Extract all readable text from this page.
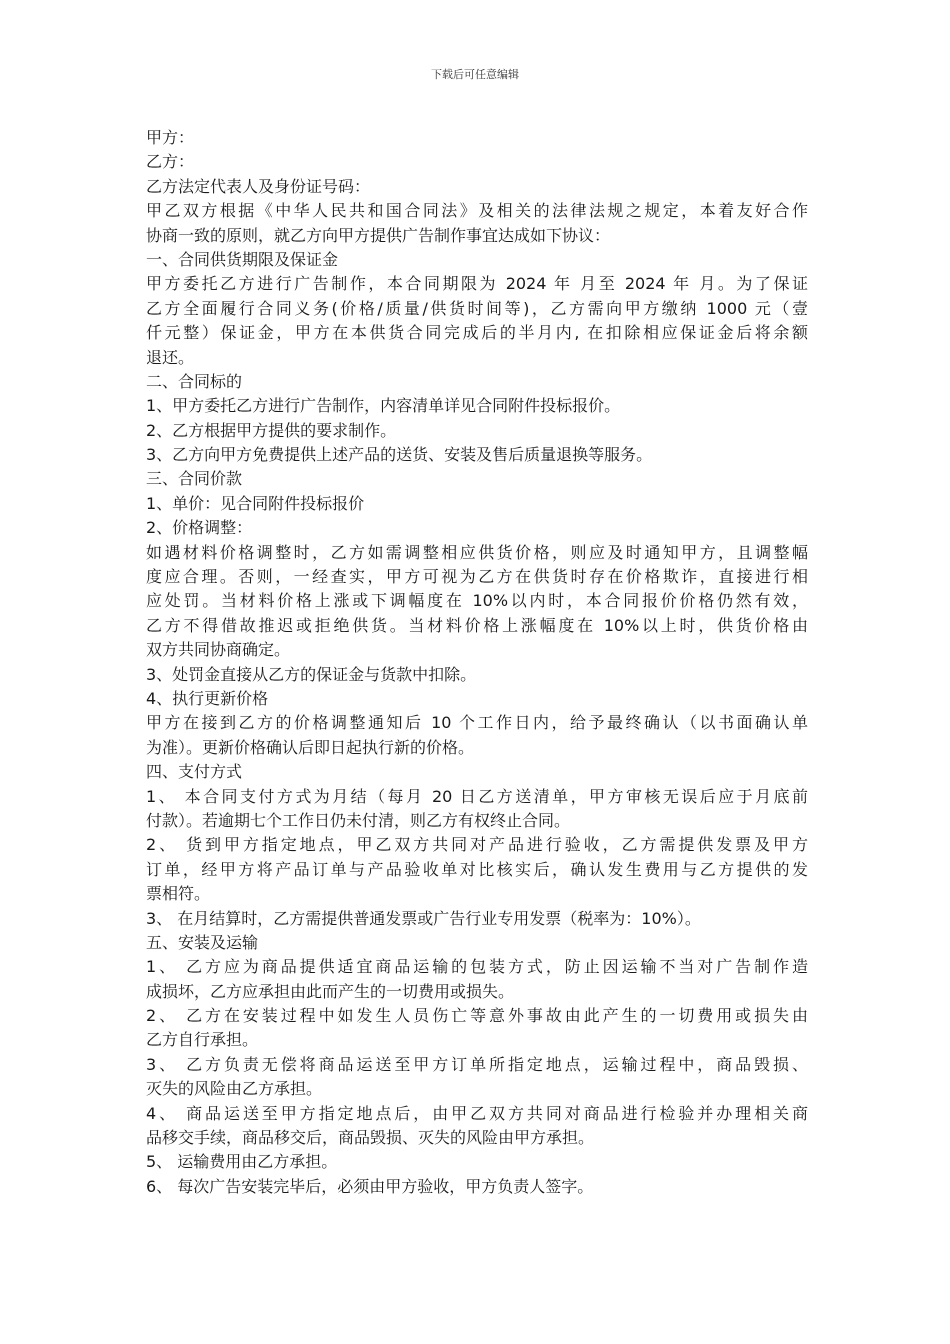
下载后可任意编辑
甲方：
乙方：
乙方法定代表人及身份证号码：
甲乙双方根据《中华人民共和国合同法》及相关的法律法规之规定，本着友好合作
协商一致的原则，就乙方向甲方提供广告制作事宜达成如下协议：
一、合同供货期限及保证金
甲方委托乙方进行广告制作，本合同期限为 2024 年 月至 2024 年 月。为了保证
乙方全面履行合同义务(价格/质量/供货时间等)，乙方需向甲方缴纳 1000 元（壹
仟元整）保证金，甲方在本供货合同完成后的半月内, 在扣除相应保证金后将余额
退还。
二、合同标的
1、甲方委托乙方进行广告制作，内容清单详见合同附件投标报价。
2、乙方根据甲方提供的要求制作。
3、乙方向甲方免费提供上述产品的送货、安装及售后质量退换等服务。
三、合同价款
1、单价：见合同附件投标报价
2、价格调整：
如遇材料价格调整时，乙方如需调整相应供货价格，则应及时通知甲方，且调整幅
度应合理。否则，一经查实，甲方可视为乙方在供货时存在价格欺诈，直接进行相
应处罚。当材料价格上涨或下调幅度在 10%以内时，本合同报价价格仍然有效，
乙方不得借故推迟或拒绝供货。当材料价格上涨幅度在 10%以上时，供货价格由
双方共同协商确定。
3、处罚金直接从乙方的保证金与货款中扣除。
4、执行更新价格
甲方在接到乙方的价格调整通知后 10 个工作日内，给予最终确认（以书面确认单
为准）。更新价格确认后即日起执行新的价格。
四、支付方式
1、 本合同支付方式为月结（每月 20 日乙方送清单，甲方审核无误后应于月底前
付款）。若逾期七个工作日仍未付清，则乙方有权终止合同。
2、 货到甲方指定地点，甲乙双方共同对产品进行验收，乙方需提供发票及甲方
订单，经甲方将产品订单与产品验收单对比核实后，确认发生费用与乙方提供的发
票相符。
3、 在月结算时，乙方需提供普通发票或广告行业专用发票（税率为：10%）。
五、安装及运输
1、 乙方应为商品提供适宜商品运输的包装方式，防止因运输不当对广告制作造
成损坏，乙方应承担由此而产生的一切费用或损失。
2、 乙方在安装过程中如发生人员伤亡等意外事故由此产生的一切费用或损失由
乙方自行承担。
3、 乙方负责无偿将商品运送至甲方订单所指定地点，运输过程中，商品毁损、
灭失的风险由乙方承担。
4、 商品运送至甲方指定地点后，由甲乙双方共同对商品进行检验并办理相关商
品移交手续，商品移交后，商品毁损、灭失的风险由甲方承担。
5、 运输费用由乙方承担。
6、 每次广告安装完毕后，必须由甲方验收，甲方负责人签字。
